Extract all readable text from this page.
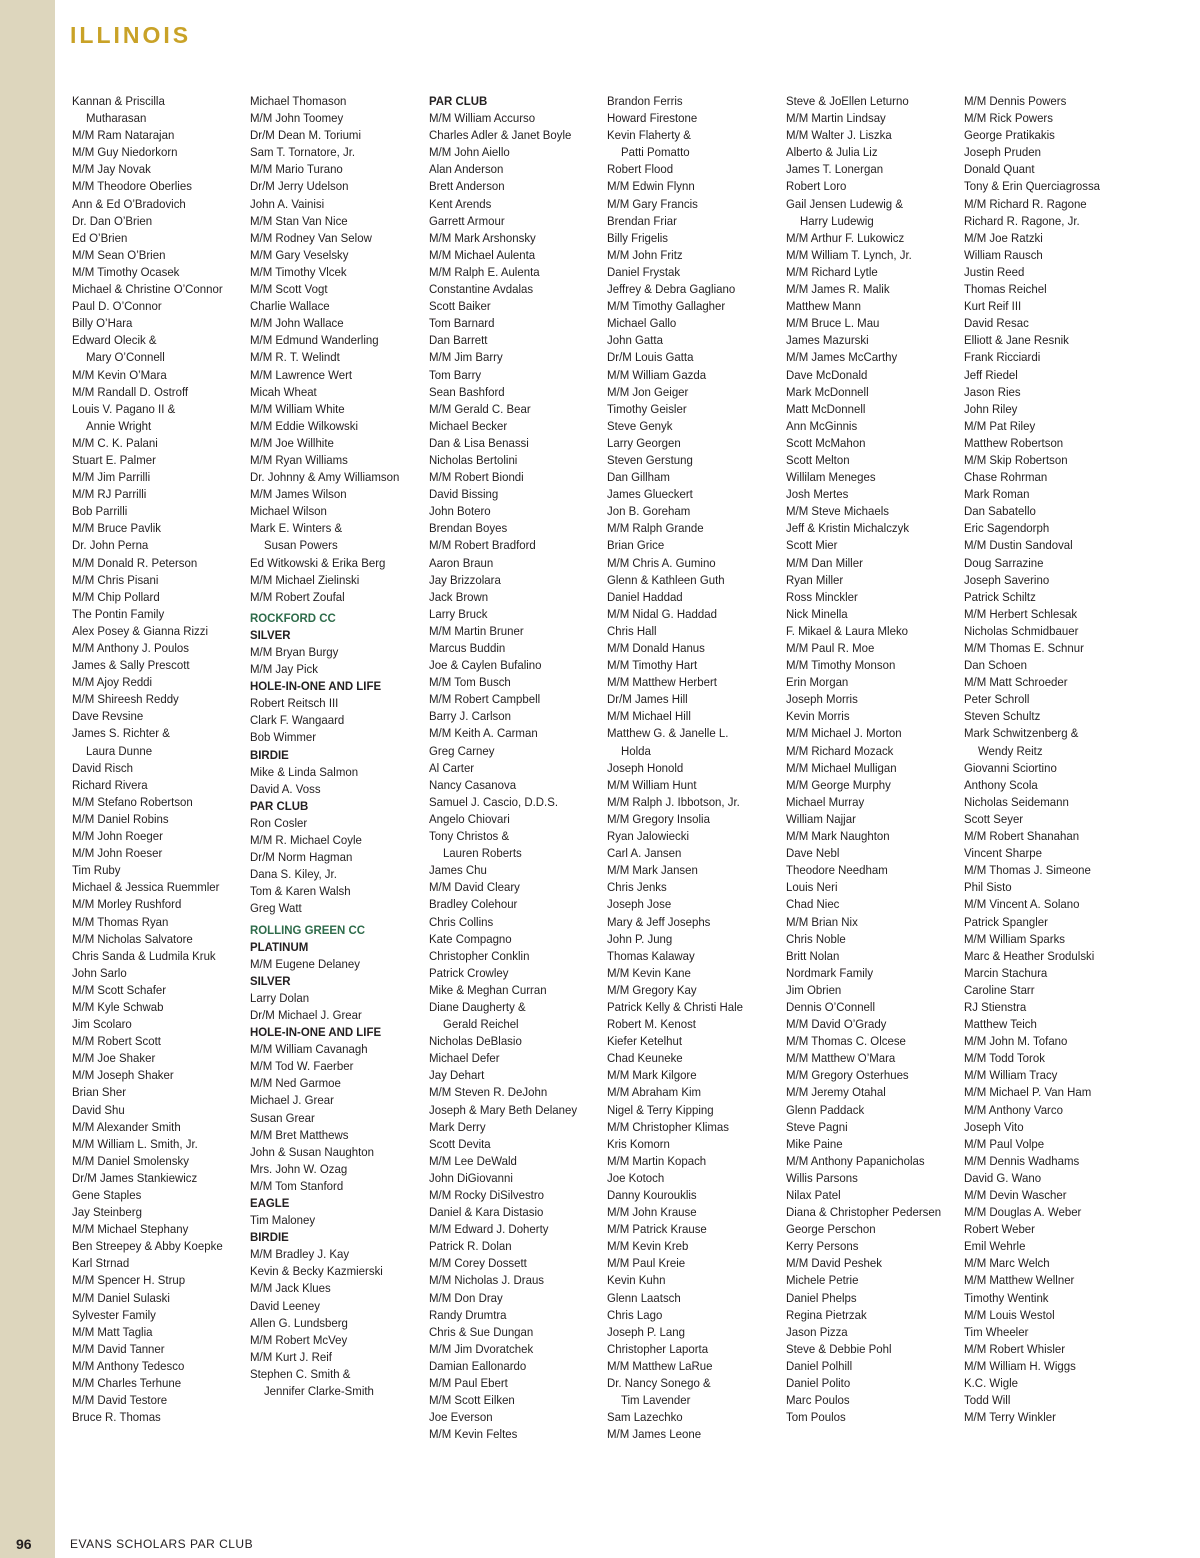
ILLINOIS
Kannan & Priscilla
Mutharasan
M/M Ram Natarajan
M/M Guy Niedorkorn
M/M Jay Novak
M/M Theodore Oberlies
Ann & Ed O’Bradovich
Dr. Dan O’Brien
Ed O’Brien
M/M Sean O’Brien
M/M Timothy Ocasek
Michael & Christine O’Connor
Paul D. O’Connor
Billy O’Hara
Edward Olecik &
Mary O’Connell
M/M Kevin O’Mara
M/M Randall D. Ostroff
Louis V. Pagano II &
Annie Wright
M/M C. K. Palani
Stuart E. Palmer
M/M Jim Parrilli
M/M RJ Parrilli
Bob Parrilli
M/M Bruce Pavlik
Dr. John Perna
M/M Donald R. Peterson
M/M Chris Pisani
M/M Chip Pollard
The Pontin Family
Alex Posey & Gianna Rizzi
M/M Anthony J. Poulos
James & Sally Prescott
M/M Ajoy Reddi
M/M Shireesh Reddy
Dave Revsine
James S. Richter &
Laura Dunne
David Risch
Richard Rivera
M/M Stefano Robertson
M/M Daniel Robins
M/M John Roeger
M/M John Roeser
Tim Ruby
Michael & Jessica Ruemmler
M/M Morley Rushford
M/M Thomas Ryan
M/M Nicholas Salvatore
Chris Sanda & Ludmila Kruk
John Sarlo
M/M Scott Schafer
M/M Kyle Schwab
Jim Scolaro
M/M Robert Scott
M/M Joe Shaker
M/M Joseph Shaker
Brian Sher
David Shu
M/M Alexander Smith
M/M William L. Smith, Jr.
M/M Daniel Smolensky
Dr/M James Stankiewicz
Gene Staples
Jay Steinberg
M/M Michael Stephany
Ben Streepey & Abby Koepke
Karl Strnad
M/M Spencer H. Strup
M/M Daniel Sulaski
Sylvester Family
M/M Matt Taglia
M/M David Tanner
M/M Anthony Tedesco
M/M Charles Terhune
M/M David Testore
Bruce R. Thomas
Michael Thomason
M/M John Toomey
Dr/M Dean M. Toriumi
Sam T. Tornatore, Jr.
M/M Mario Turano
Dr/M Jerry Udelson
John A. Vainisi
M/M Stan Van Nice
M/M Rodney Van Selow
M/M Gary Veselsky
M/M Timothy Vlcek
M/M Scott Vogt
Charlie Wallace
M/M John Wallace
M/M Edmund Wanderling
M/M R. T. Welindt
M/M Lawrence Wert
Micah Wheat
M/M William White
M/M Eddie Wilkowski
M/M Joe Willhite
M/M Ryan Williams
Dr. Johnny & Amy Williamson
M/M James Wilson
Michael Wilson
Mark E. Winters &
Susan Powers
Ed Witkowski & Erika Berg
M/M Michael Zielinski
M/M Robert Zoufal
ROCKFORD CC
SILVER
M/M Bryan Burgy
M/M Jay Pick
HOLE-IN-ONE AND LIFE
Robert Reitsch III
Clark F. Wangaard
Bob Wimmer
BIRDIE
Mike & Linda Salmon
David A. Voss
PAR CLUB
Ron Cosler
M/M R. Michael Coyle
Dr/M Norm Hagman
Dana S. Kiley, Jr.
Tom & Karen Walsh
Greg Watt
ROLLING GREEN CC
PLATINUM
M/M Eugene Delaney
SILVER
Larry Dolan
Dr/M Michael J. Grear
HOLE-IN-ONE AND LIFE
M/M William Cavanagh
M/M Tod W. Faerber
M/M Ned Garmoe
Michael J. Grear
Susan Grear
M/M Bret Matthews
John & Susan Naughton
Mrs. John W. Ozag
M/M Tom Stanford
EAGLE
Tim Maloney
BIRDIE
M/M Bradley J. Kay
Kevin & Becky Kazmierski
M/M Jack Klues
David Leeney
Allen G. Lundsberg
M/M Robert McVey
M/M Kurt J. Reif
Stephen C. Smith &
Jennifer Clarke-Smith
PAR CLUB
M/M William Accurso
Charles Adler & Janet Boyle
M/M John Aiello
Alan Anderson
Brett Anderson
Kent Arends
Garrett Armour
M/M Mark Arshonsky
M/M Michael Aulenta
M/M Ralph E. Aulenta
Constantine Avdalas
Scott Baiker
Tom Barnard
Dan Barrett
M/M Jim Barry
Tom Barry
Sean Bashford
M/M Gerald C. Bear
Michael Becker
Dan & Lisa Benassi
Nicholas Bertolini
M/M Robert Biondi
David Bissing
John Botero
Brendan Boyes
M/M Robert Bradford
Aaron Braun
Jay Brizzolara
Jack Brown
Larry Bruck
M/M Martin Bruner
Marcus Buddin
Joe & Caylen Bufalino
M/M Tom Busch
M/M Robert Campbell
Barry J. Carlson
M/M Keith A. Carman
Greg Carney
Al Carter
Nancy Casanova
Samuel J. Cascio, D.D.S.
Angelo Chiovari
Tony Christos &
Lauren Roberts
James Chu
M/M David Cleary
Bradley Colehour
Chris Collins
Kate Compagno
Christopher Conklin
Patrick Crowley
Mike & Meghan Curran
Diane Daugherty &
Gerald Reichel
Nicholas DeBlasio
Michael Defer
Jay Dehart
M/M Steven R. DeJohn
Joseph & Mary Beth Delaney
Mark Derry
Scott Devita
M/M Lee DeWald
John DiGiovanni
M/M Rocky DiSilvestro
Daniel & Kara Distasio
M/M Edward J. Doherty
Patrick R. Dolan
M/M Corey Dossett
M/M Nicholas J. Draus
M/M Don Dray
Randy Drumtra
Chris & Sue Dungan
M/M Jim Dvoratchek
Damian Eallonardo
M/M Paul Ebert
M/M Scott Eilken
Joe Everson
M/M Kevin Feltes
Brandon Ferris
Howard Firestone
Kevin Flaherty &
Patti Pomatto
Robert Flood
M/M Edwin Flynn
M/M Gary Francis
Brendan Friar
Billy Frigelis
M/M John Fritz
Daniel Frystak
Jeffrey & Debra Gagliano
M/M Timothy Gallagher
Michael Gallo
John Gatta
Dr/M Louis Gatta
M/M William Gazda
M/M Jon Geiger
Timothy Geisler
Steve Genyk
Larry Georgen
Steven Gerstung
Dan Gillham
James Glueckert
Jon B. Goreham
M/M Ralph Grande
Brian Grice
M/M Chris A. Gumino
Glenn & Kathleen Guth
Daniel Haddad
M/M Nidal G. Haddad
Chris Hall
M/M Donald Hanus
M/M Timothy Hart
M/M Matthew Herbert
Dr/M James Hill
M/M Michael Hill
Matthew G. & Janelle L.
Holda
Joseph Honold
M/M William Hunt
M/M Ralph J. Ibbotson, Jr.
M/M Gregory Insolia
Ryan Jalowiecki
Carl A. Jansen
M/M Mark Jansen
Chris Jenks
Joseph Jose
Mary & Jeff Josephs
John P. Jung
Thomas Kalaway
M/M Kevin Kane
M/M Gregory Kay
Patrick Kelly & Christi Hale
Robert M. Kenost
Kiefer Ketelhut
Chad Keuneke
M/M Mark Kilgore
M/M Abraham Kim
Nigel & Terry Kipping
M/M Christopher Klimas
Kris Komorn
M/M Martin Kopach
Joe Kotoch
Danny Kourouklis
M/M John Krause
M/M Patrick Krause
M/M Kevin Kreb
M/M Paul Kreie
Kevin Kuhn
Glenn Laatsch
Chris Lago
Joseph P. Lang
Christopher Laporta
M/M Matthew LaRue
Dr. Nancy Sonego &
Tim Lavender
Sam Lazechko
M/M James Leone
Steve & JoEllen Leturno
M/M Martin Lindsay
M/M Walter J. Liszka
Alberto & Julia Liz
James T. Lonergan
Robert Loro
Gail Jensen Ludewig &
Harry Ludewig
M/M Arthur F. Lukowicz
M/M William T. Lynch, Jr.
M/M Richard Lytle
M/M James R. Malik
Matthew Mann
M/M Bruce L. Mau
James Mazurski
M/M James McCarthy
Dave McDonald
Mark McDonnell
Matt McDonnell
Ann McGinnis
Scott McMahon
Scott Melton
Willilam Meneges
Josh Mertes
M/M Steve Michaels
Jeff & Kristin Michalczyk
Scott Mier
M/M Dan Miller
Ryan Miller
Ross Minckler
Nick Minella
F. Mikael & Laura Mleko
M/M Paul R. Moe
M/M Timothy Monson
Erin Morgan
Joseph Morris
Kevin Morris
M/M Michael J. Morton
M/M Richard Mozack
M/M Michael Mulligan
M/M George Murphy
Michael Murray
William Najjar
M/M Mark Naughton
Dave Nebl
Theodore Needham
Louis Neri
Chad Niec
M/M Brian Nix
Chris Noble
Britt Nolan
Nordmark Family
Jim Obrien
Dennis O’Connell
M/M David O’Grady
M/M Thomas C. Olcese
M/M Matthew O’Mara
M/M Gregory Osterhues
M/M Jeremy Otahal
Glenn Paddack
Steve Pagni
Mike Paine
M/M Anthony Papanicholas
Willis Parsons
Nilax Patel
Diana & Christopher Pedersen
George Perschon
Kerry Persons
M/M David Peshek
Michele Petrie
Daniel Phelps
Regina Pietrzak
Jason Pizza
Steve & Debbie Pohl
Daniel Polhill
Daniel Polito
Marc Poulos
Tom Poulos
M/M Dennis Powers
M/M Rick Powers
George Pratikakis
Joseph Pruden
Donald Quant
Tony & Erin Querciagrossa
M/M Richard R. Ragone
Richard R. Ragone, Jr.
M/M Joe Ratzki
William Rausch
Justin Reed
Thomas Reichel
Kurt Reif III
David Resac
Elliott & Jane Resnik
Frank Ricciardi
Jeff Riedel
Jason Ries
John Riley
M/M Pat Riley
Matthew Robertson
M/M Skip Robertson
Chase Rohrman
Mark Roman
Dan Sabatello
Eric Sagendorph
M/M Dustin Sandoval
Doug Sarrazine
Joseph Saverino
Patrick Schiltz
M/M Herbert Schlesak
Nicholas Schmidbauer
M/M Thomas E. Schnur
Dan Schoen
M/M Matt Schroeder
Peter Schroll
Steven Schultz
Mark Schwitzenberg &
Wendy Reitz
Giovanni Sciortino
Anthony Scola
Nicholas Seidemann
Scott Seyer
M/M Robert Shanahan
Vincent Sharpe
M/M Thomas J. Simeone
Phil Sisto
M/M Vincent A. Solano
Patrick Spangler
M/M William Sparks
Marc & Heather Srodulski
Marcin Stachura
Caroline Starr
RJ Stienstra
Matthew Teich
M/M John M. Tofano
M/M Todd Torok
M/M William Tracy
M/M Michael P. Van Ham
M/M Anthony Varco
Joseph Vito
M/M Paul Volpe
M/M Dennis Wadhams
David G. Wano
M/M Devin Wascher
M/M Douglas A. Weber
Robert Weber
Emil Wehrle
M/M Marc Welch
M/M Matthew Wellner
Timothy Wentink
M/M Louis Westol
Tim Wheeler
M/M Robert Whisler
M/M William H. Wiggs
K.C. Wigle
Todd Will
M/M Terry Winkler
96	EVANS SCHOLARS PAR CLUB
